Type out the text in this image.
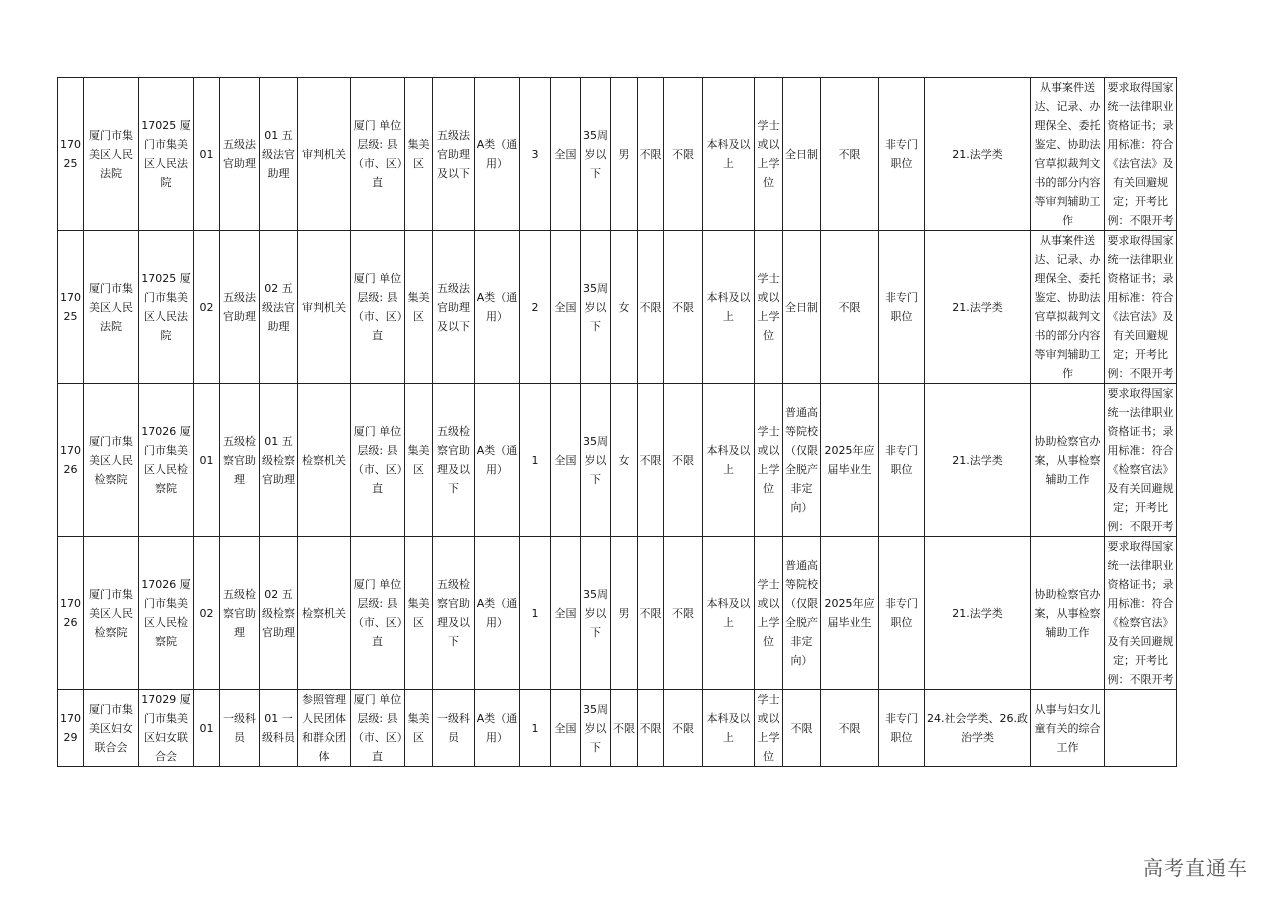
17025	厦门市集美区人民法院	17025 厦门市集美区人民法院	01	五级法官助理	01 五级法官助理	审判机关	厦门 单位层级: 县（市、区）直	集美区	五级法官助理及以下	A类（通用）	3	全国	35周岁以下	男	不限	不限	本科及以上	学士或以上学位	全日制	不限	非专门职位	21.法学类	从事案件送达、记录、办理保全、委托鉴定、协助法官草拟裁判文书的部分内容等审判辅助工作	要求取得国家统一法律职业资格证书；录用标准：符合《法官法》及有关回避规定；开考比例：不限开考
17025	厦门市集美区人民法院	17025 厦门市集美区人民法院	02	五级法官助理	02 五级法官助理	审判机关	厦门 单位层级: 县（市、区）直	集美区	五级法官助理及以下	A类（通用）	2	全国	35周岁以下	女	不限	不限	本科及以上	学士或以上学位	全日制	不限	非专门职位	21.法学类	从事案件送达、记录、办理保全、委托鉴定、协助法官草拟裁判文书的部分内容等审判辅助工作	要求取得国家统一法律职业资格证书；录用标准：符合《法官法》及有关回避规定；开考比例：不限开考
17026	厦门市集美区人民检察院	17026 厦门市集美区人民检察院	01	五级检察官助理	01 五级检察官助理	检察机关	厦门 单位层级: 县（市、区）直	集美区	五级检察官助理及以下	A类（通用）	1	全国	35周岁以下	女	不限	不限	本科及以上	学士或以上学位	普通高等院校（仅限全脱产非定向）	2025年应届毕业生	非专门职位	21.法学类	协助检察官办案，从事检察辅助工作	要求取得国家统一法律职业资格证书；录用标准：符合《检察官法》及有关回避规定；开考比例：不限开考
17026	厦门市集美区人民检察院	17026 厦门市集美区人民检察院	02	五级检察官助理	02 五级检察官助理	检察机关	厦门 单位层级: 县（市、区）直	集美区	五级检察官助理及以下	A类（通用）	1	全国	35周岁以下	男	不限	不限	本科及以上	学士或以上学位	普通高等院校（仅限全脱产非定向）	2025年应届毕业生	非专门职位	21.法学类	协助检察官办案，从事检察辅助工作	要求取得国家统一法律职业资格证书；录用标准：符合《检察官法》及有关回避规定；开考比例：不限开考
17029	厦门市集美区妇女联合会	17029 厦门市集美区妇女联合会	01	一级科员	01 一级科员	参照管理人民团体和群众团体	厦门 单位层级: 县（市、区）直	集美区	一级科员	A类（通用）	1	全国	35周岁以下	不限	不限	不限	本科及以上	学士或以上学位	不限	不限	非专门职位	24.社会学类、26.政治学类	从事与妇女儿童有关的综合工作	
高考直通车
